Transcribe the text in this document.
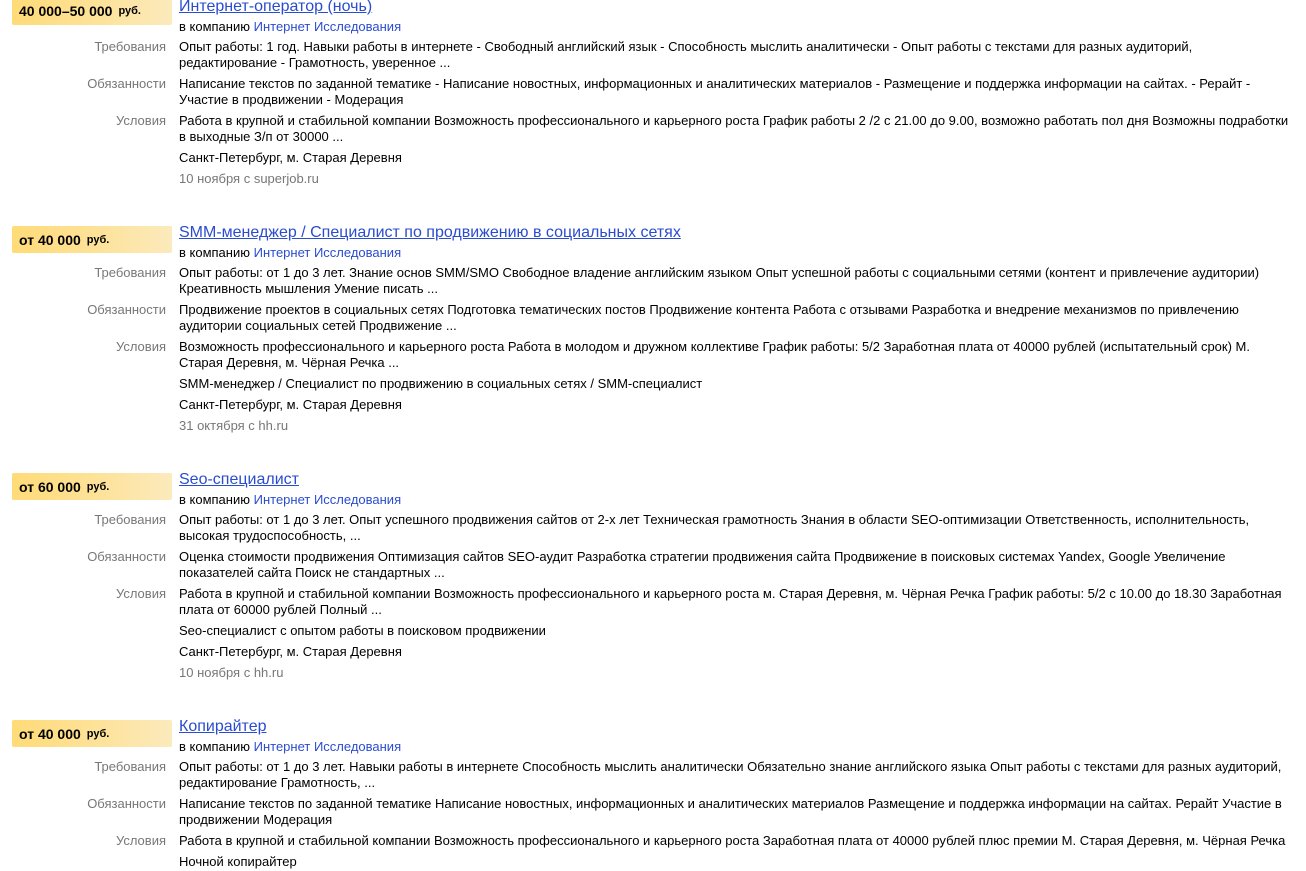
40 000–50 000 руб. Интернет-оператор (ночь)
в компанию Интернет Исследования
Требования Опыт работы: 1 год. Навыки работы в интернете - Свободный английский язык - Способность мыслить аналитически - Опыт работы с текстами для разных аудиторий, редактирование - Грамотность, уверенное ...
Обязанности Написание текстов по заданной тематике - Написание новостных, информационных и аналитических материалов - Размещение и поддержка информации на сайтах. - Рерайт - Участие в продвижении - Модерация
Условия Работа в крупной и стабильной компании Возможность профессионального и карьерного роста График работы 2 /2 с 21.00 до 9.00, возможно работать пол дня Возможны подработки в выходные З/п от 30000 ...
Санкт-Петербург, м. Старая Деревня
10 ноября с superjob.ru
от 40 000 руб.	SMM-менеджер / Специалист по продвижению в социальных сетях
в компанию Интернет Исследования
Требования Опыт работы: от 1 до 3 лет. Знание основ SMM/SMO Свободное владение английским языком Опыт успешной работы с социальными сетями (контент и привлечение аудитории) Креативность мышления Умение писать ...
Обязанности Продвижение проектов в социальных сетях Подготовка тематических постов Продвижение контента Работа с отзывами Разработка и внедрение механизмов по привлечению аудитории социальных сетей Продвижение ...
Условия Возможность профессионального и карьерного роста Работа в молодом и дружном коллективе График работы: 5/2 Заработная плата от 40000 рублей (испытательный срок) М. Старая Деревня, м. Чёрная Речка ...
SMM-менеджер / Специалист по продвижению в социальных сетях / SMM-специалист
Санкт-Петербург, м. Старая Деревня
31 октября с hh.ru
от 60 000 руб.	Seo-специалист
в компанию Интернет Исследования
Требования Опыт работы: от 1 до 3 лет. Опыт успешного продвижения сайтов от 2-х лет Техническая грамотность Знания в области SEO-оптимизации Ответственность, исполнительность, высокая трудоспособность, ...
Обязанности Оценка стоимости продвижения Оптимизация сайтов SEO-аудит Разработка стратегии продвижения сайта Продвижение в поисковых системах Yandex, Google Увеличение показателей сайта Поиск не стандартных ...
Условия Работа в крупной и стабильной компании Возможность профессионального и карьерного роста м. Старая Деревня, м. Чёрная Речка График работы: 5/2 с 10.00 до 18.30 Заработная плата от 60000 рублей Полный ...
Seo-специалист с опытом работы в поисковом продвижении
Санкт-Петербург, м. Старая Деревня
10 ноября с hh.ru
от 40 000 руб.	Копирайтер
в компанию Интернет Исследования
Требования Опыт работы: от 1 до 3 лет. Навыки работы в интернете Способность мыслить аналитически Обязательно знание английского языка Опыт работы с текстами для разных аудиторий, редактирование Грамотность, ...
Обязанности Написание текстов по заданной тематике Написание новостных, информационных и аналитических материалов Размещение и поддержка информации на сайтах. Рерайт Участие в продвижении Модерация
Условия Работа в крупной и стабильной компании Возможность профессионального и карьерного роста Заработная плата от 40000 рублей плюс премии М. Старая Деревня, м. Чёрная Речка
Ночной копирайтер
